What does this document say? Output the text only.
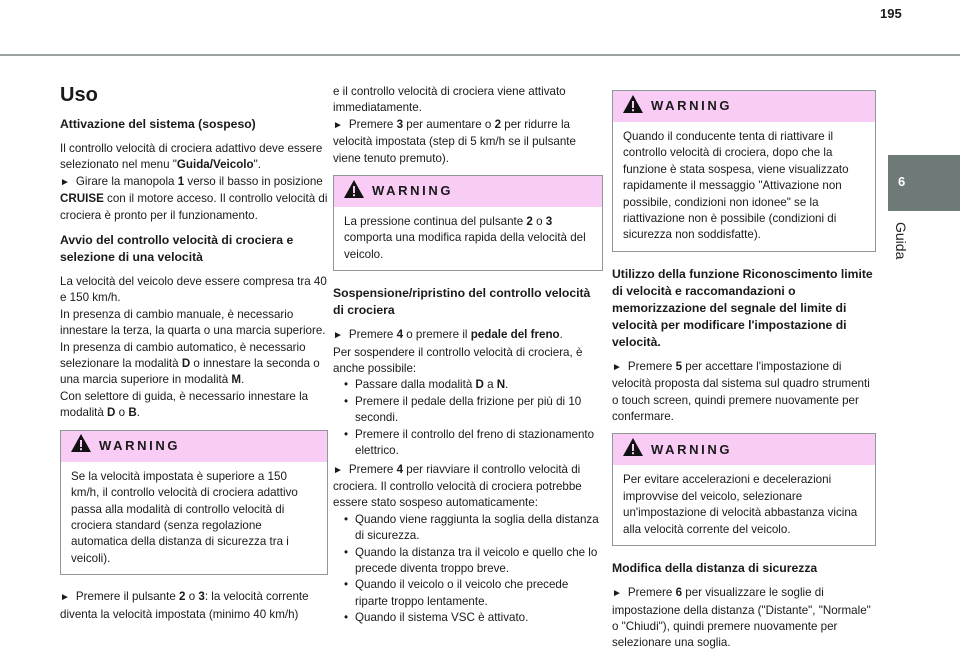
195
6
Guida
Uso
Attivazione del sistema (sospeso)
Il controllo velocità di crociera adattivo deve essere selezionato nel menu "Guida/Veicolo".
► Girare la manopola 1 verso il basso in posizione CRUISE con il motore acceso. Il controllo velocità di crociera è pronto per il funzionamento.
Avvio del controllo velocità di crociera e selezione di una velocità
La velocità del veicolo deve essere compresa tra 40 e 150 km/h.
In presenza di cambio manuale, è necessario innestare la terza, la quarta o una marcia superiore.
In presenza di cambio automatico, è necessario selezionare la modalità D o innestare la seconda o una marcia superiore in modalità M.
Con selettore di guida, è necessario innestare la modalità D o B.
WARNING
Se la velocità impostata è superiore a 150 km/h, il controllo velocità di crociera adattivo passa alla modalità di controllo velocità di crociera standard (senza regolazione automatica della distanza di sicurezza tra i veicoli).
► Premere il pulsante 2 o 3: la velocità corrente diventa la velocità impostata (minimo 40 km/h)
e il controllo velocità di crociera viene attivato immediatamente.
► Premere 3 per aumentare o 2 per ridurre la velocità impostata (step di 5 km/h se il pulsante viene tenuto premuto).
WARNING
La pressione continua del pulsante 2 o 3 comporta una modifica rapida della velocità del veicolo.
Sospensione/ripristino del controllo velocità di crociera
► Premere 4 o premere il pedale del freno.
Per sospendere il controllo velocità di crociera, è anche possibile:
• Passare dalla modalità D a N.
• Premere il pedale della frizione per più di 10 secondi.
• Premere il controllo del freno di stazionamento elettrico.
► Premere 4 per riavviare il controllo velocità di crociera. Il controllo velocità di crociera potrebbe essere stato sospeso automaticamente:
• Quando viene raggiunta la soglia della distanza di sicurezza.
• Quando la distanza tra il veicolo e quello che lo precede diventa troppo breve.
• Quando il veicolo o il veicolo che precede riparte troppo lentamente.
• Quando il sistema VSC è attivato.
WARNING
Quando il conducente tenta di riattivare il controllo velocità di crociera, dopo che la funzione è stata sospesa, viene visualizzato rapidamente il messaggio "Attivazione non possibile, condizioni non idonee" se la riattivazione non è possibile (condizioni di sicurezza non soddisfatte).
Utilizzo della funzione Riconoscimento limite di velocità e raccomandazioni o memorizzazione del segnale del limite di velocità per modificare l'impostazione di velocità.
► Premere 5 per accettare l'impostazione di velocità proposta dal sistema sul quadro strumenti o touch screen, quindi premere nuovamente per confermare.
WARNING
Per evitare accelerazioni e decelerazioni improvvise del veicolo, selezionare un'impostazione di velocità abbastanza vicina alla velocità corrente del veicolo.
Modifica della distanza di sicurezza
► Premere 6 per visualizzare le soglie di impostazione della distanza ("Distante", "Normale" o "Chiudi"), quindi premere nuovamente per selezionare una soglia.
